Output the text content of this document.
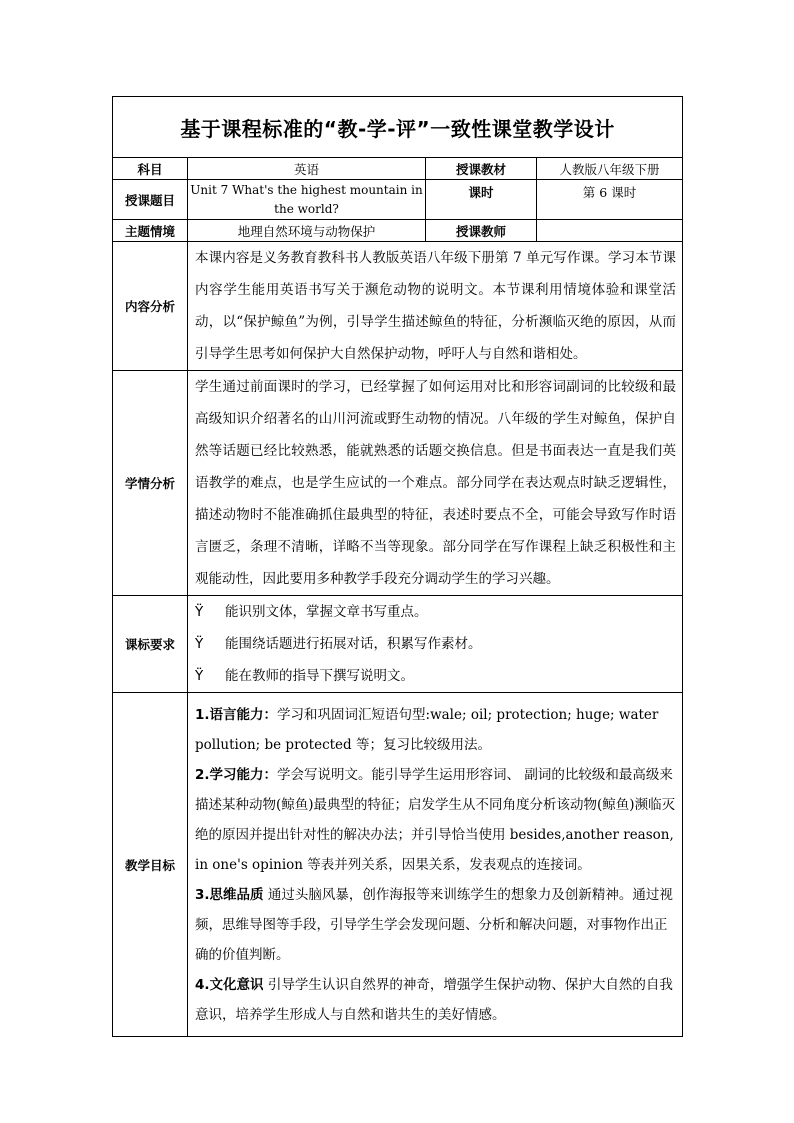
基于课程标准的“教-学-评”一致性课堂教学设计			
科目	英语	授课教材	人教版八年级下册
授课题目	Unit 7 What's the highest mountain in the world?	课时	第 6 课时
主题情境	地理自然环境与动物保护	授课教师	
内容分析	本课内容是义务教育教科书人教版英语八年级下册第 7 单元写作课。学习本节课内容学生能用英语书写关于濒危动物的说明文。本节课利用情境体验和课堂活动，以“保护鲸鱼”为例，引导学生描述鲸鱼的特征，分析濒临灭绝的原因，从而引导学生思考如何保护大自然保护动物，呼吁人与自然和谐相处。		
学情分析	学生通过前面课时的学习，已经掌握了如何运用对比和形容词副词的比较级和最高级知识介绍著名的山川河流或野生动物的情况。八年级的学生对鲸鱼，保护自然等话题已经比较熟悉，能就熟悉的话题交换信息。但是书面表达一直是我们英语教学的难点，也是学生应试的一个难点。部分同学在表达观点时缺乏逻辑性，描述动物时不能准确抓住最典型的特征，表述时要点不全，可能会导致写作时语言匮乏，条理不清晰，详略不当等现象。部分同学在写作课程上缺乏积极性和主观能动性，因此要用多种教学手段充分调动学生的学习兴趣。		
课标要求	Ÿ 能识别文体，掌握文章书写重点。
Ÿ 能围绕话题进行拓展对话，积累写作素材。
Ÿ 能在教师的指导下撰写说明文。		

教学目标	1.语言能力：学习和巩固词汇短语句型:wale; oil; protection; huge; water pollution; be protected 等；复习比较级用法。

2.学习能力：学会写说明文。能引导学生运用形容词、 副词的比较级和最高级来描述某种动物(鲸鱼)最典型的特征；启发学生从不同角度分析该动物(鲸鱼)濒临灭绝的原因并提出针对性的解决办法；并引导恰当使用 besides,another reason, in one's opinion 等表并列关系，因果关系，发表观点的连接词。

3.思维品质 通过头脑风暴，创作海报等来训练学生的想象力及创新精神。通过视频，思维导图等手段，引导学生学会发现问题、分析和解决问题，对事物作出正确的价值判断。

4.文化意识 引导学生认识自然界的神奇，增强学生保护动物、保护大自然的自我意识，培养学生形成人与自然和谐共生的美好情感。		
